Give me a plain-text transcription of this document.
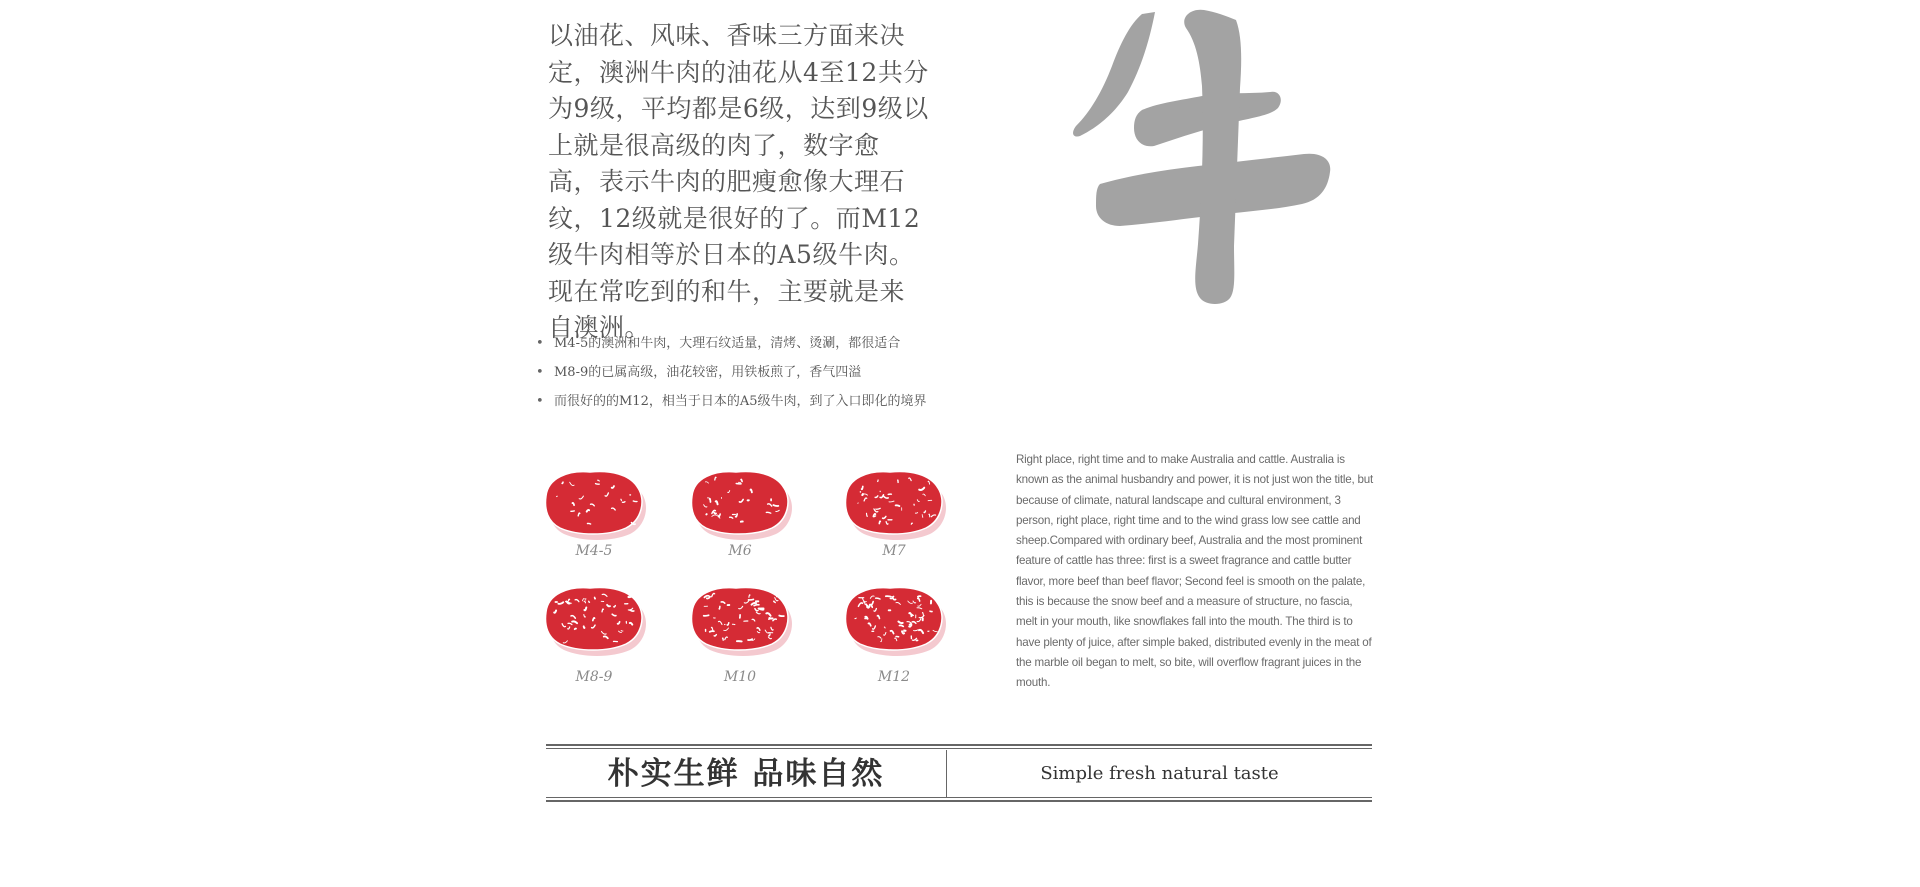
以油花、风味、香味三方面来决定，澳洲牛肉的油花从4至12共分为9级，平均都是6级，达到9级以上就是很高级的肉了，数字愈高，表示牛肉的肥瘦愈像大理石纹，12级就是很好的了。而M12级牛肉相等於日本的A5级牛肉。现在常吃到的和牛，主要就是来自澳洲。
• M4-5的澳洲和牛肉，大理石纹适量，清烤、烫涮，都很适合
• M8-9的已属高级，油花较密，用铁板煎了，香气四溢
• 而很好的的M12，相当于日本的A5级牛肉，到了入口即化的境界
Right place, right time and to make Australia and cattle. Australia is known as the animal husbandry and power, it is not just won the title, but because of climate, natural landscape and cultural environment, 3 person, right place, right time and to the wind grass low see cattle and sheep.Compared with ordinary beef, Australia and the most prominent feature of cattle has three: first is a sweet fragrance and cattle butter flavor, more beef than beef flavor; Second feel is smooth on the palate, this is because the snow beef and a measure of structure, no fascia, melt in your mouth, like snowflakes fall into the mouth. The third is to have plenty of juice, after simple baked, distributed evenly in the meat of the marble oil began to melt, so bite, will overflow fragrant juices in the mouth.
M4-5	M6	M7
M8-9	M10	M12
朴实生鲜 品味自然	Simple fresh natural taste
